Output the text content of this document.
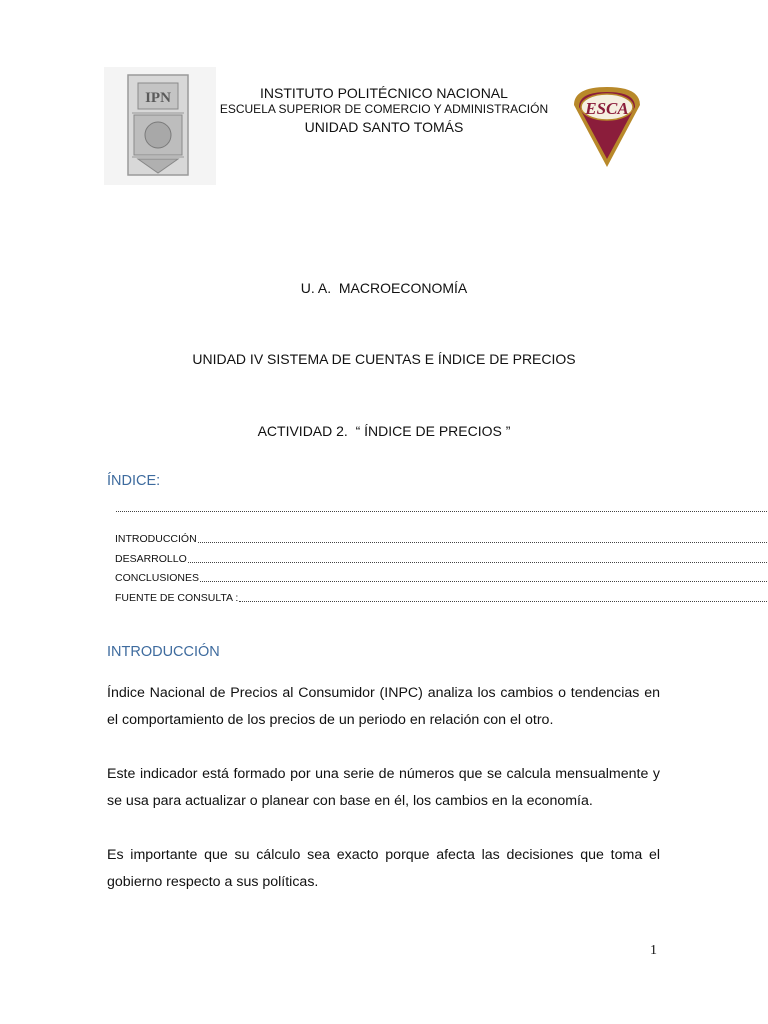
IPN	INSTITUTO POLITÉCNICO NACIONAL
ESCUELA SUPERIOR DE COMERCIO Y ADMINISTRACIÓN
UNIDAD SANTO TOMÁS
ESCA
U. A.  MACROECONOMÍA
UNIDAD IV SISTEMA DE CUENTAS E ÍNDICE DE PRECIOS
ACTIVIDAD 2.  “ ÍNDICE DE PRECIOS ”
ÍNDICE:
INTRODUCCIÓN
DESARROLLO
CONCLUSIONES
FUENTE DE CONSULTA :
INTRODUCCIÓN
Índice Nacional de Precios al Consumidor (INPC) analiza los cambios o tendencias en el comportamiento de los precios de un periodo en relación con el otro.
Este indicador está formado por una serie de números que se calcula mensualmente y se usa para actualizar o planear con base en él, los cambios en la economía.
Es importante que su cálculo sea exacto porque afecta las decisiones que toma el gobierno respecto a sus políticas.
1
